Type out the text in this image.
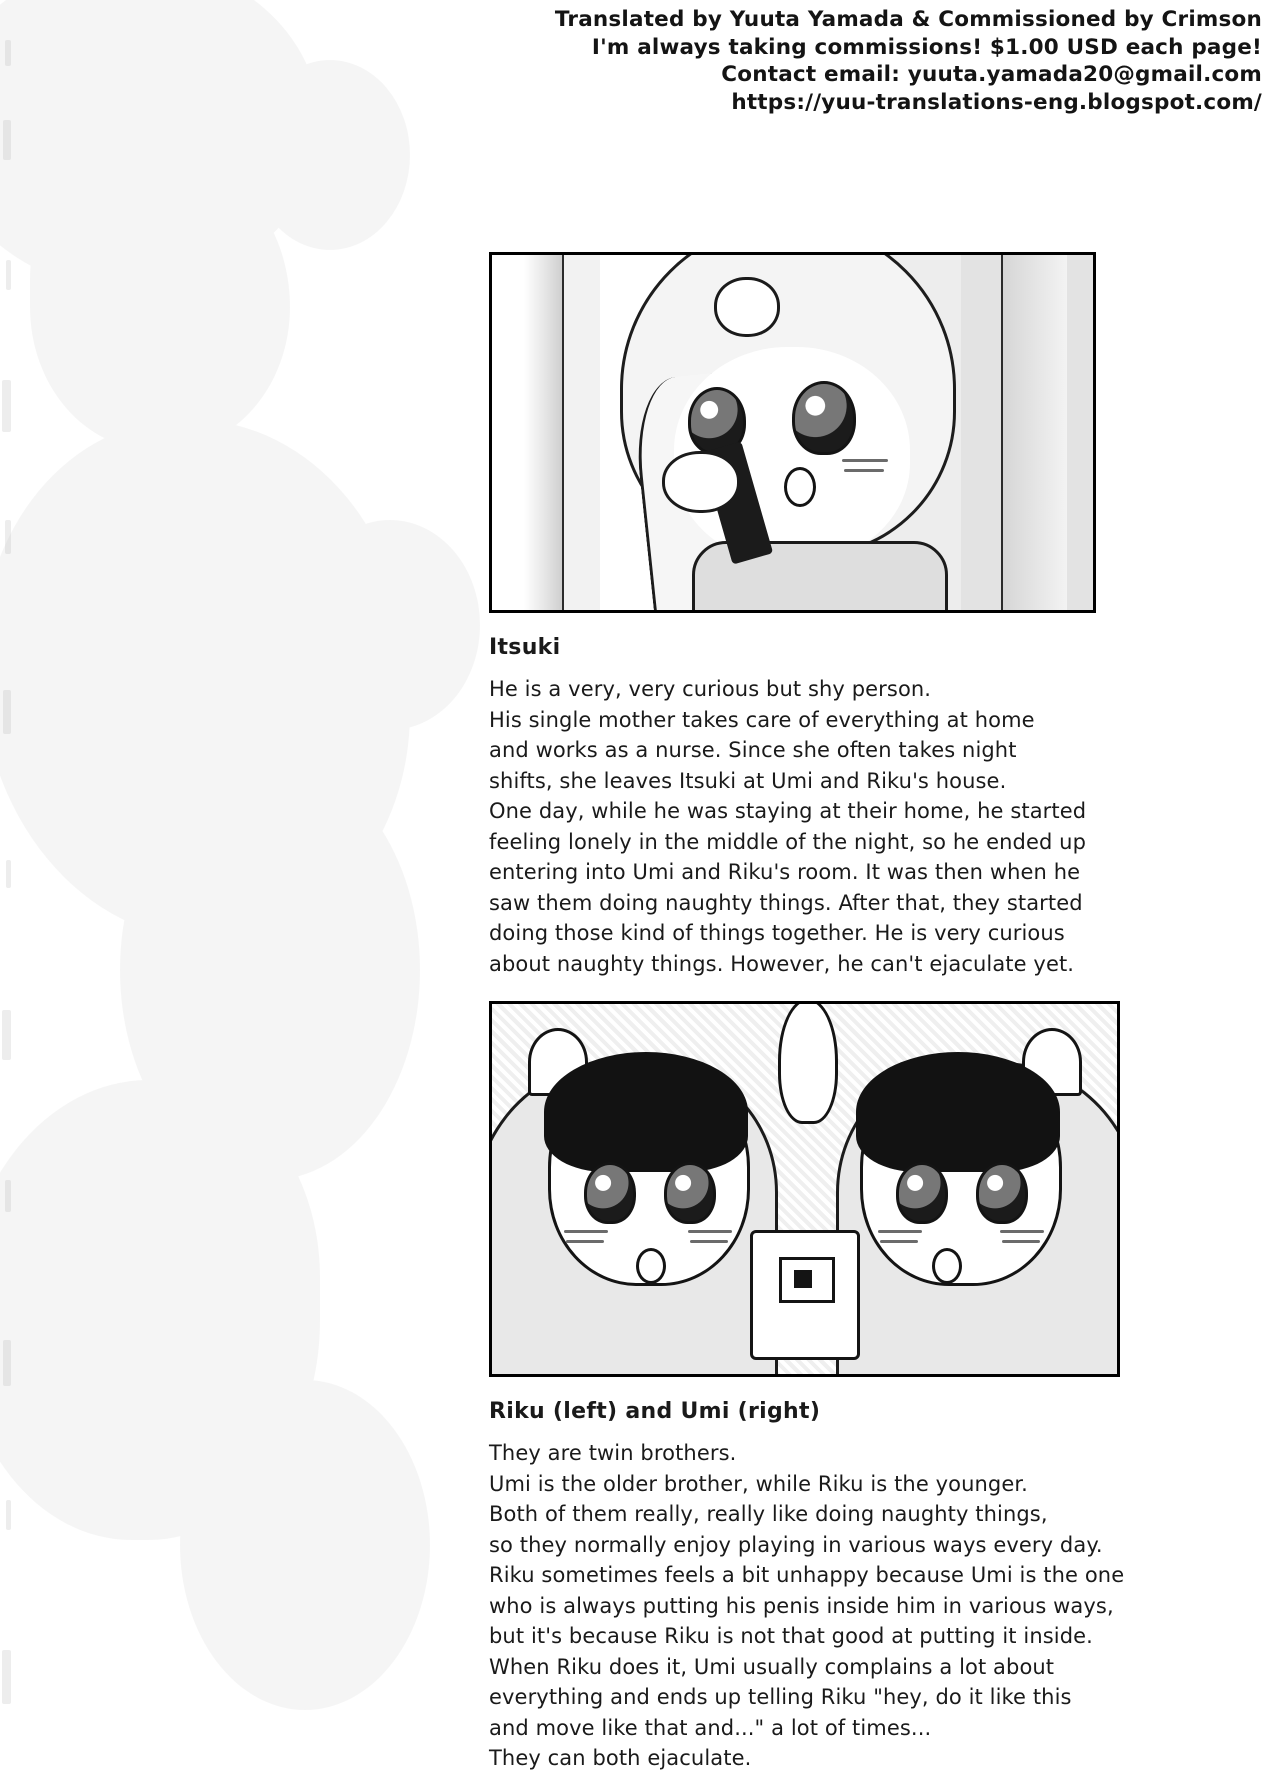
Translated by Yuuta Yamada & Commissioned by Crimson
I'm always taking commissions! $1.00 USD each page!
Contact email: yuuta.yamada20@gmail.com
https://yuu-translations-eng.blogspot.com/
Itsuki
He is a very, very curious but shy person.
His single mother takes care of everything at home
and works as a nurse. Since she often takes night
shifts, she leaves Itsuki at Umi and Riku's house.
One day, while he was staying at their home, he started
feeling lonely in the middle of the night, so he ended up
entering into Umi and Riku's room. It was then when he
saw them doing naughty things. After that, they started
doing those kind of things together. He is very curious
about naughty things. However, he can't ejaculate yet.
Riku (left) and Umi (right)
They are twin brothers.
Umi is the older brother, while Riku is the younger.
Both of them really, really like doing naughty things,
so they normally enjoy playing in various ways every day.
Riku sometimes feels a bit unhappy because Umi is the one
who is always putting his penis inside him in various ways,
but it's because Riku is not that good at putting it inside.
When Riku does it, Umi usually complains a lot about
everything and ends up telling Riku "hey, do it like this
and move like that and..." a lot of times...
They can both ejaculate.
